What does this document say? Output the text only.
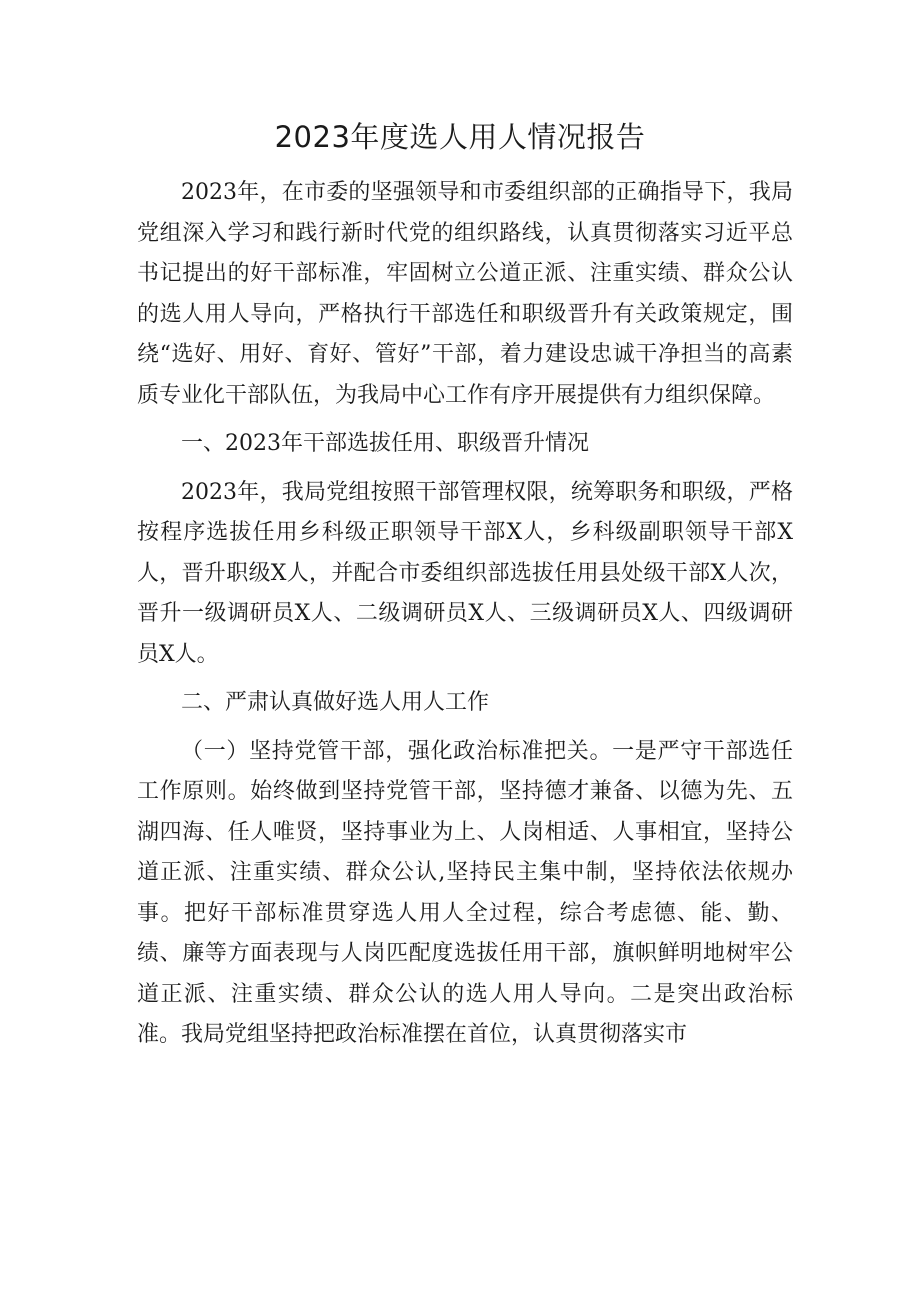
2023年度选人用人情况报告

2023年，在市委的坚强领导和市委组织部的正确指导下，我局党组深入学习和践行新时代党的组织路线，认真贯彻落实习近平总书记提出的好干部标准，牢固树立公道正派、注重实绩、群众公认的选人用人导向，严格执行干部选任和职级晋升有关政策规定，围绕“选好、用好、育好、管好”干部，着力建设忠诚干净担当的高素质专业化干部队伍，为我局中心工作有序开展提供有力组织保障。

一、2023年干部选拔任用、职级晋升情况

2023年，我局党组按照干部管理权限，统筹职务和职级，严格按程序选拔任用乡科级正职领导干部X人，乡科级副职领导干部X人，晋升职级X人，并配合市委组织部选拔任用县处级干部X人次，晋升一级调研员X人、二级调研员X人、三级调研员X人、四级调研员X人。

二、严肃认真做好选人用人工作

（一）坚持党管干部，强化政治标准把关。一是严守干部选任工作原则。始终做到坚持党管干部，坚持德才兼备、以德为先、五湖四海、任人唯贤，坚持事业为上、人岗相适、人事相宜，坚持公道正派、注重实绩、群众公认,坚持民主集中制，坚持依法依规办事。把好干部标准贯穿选人用人全过程，综合考虑德、能、勤、绩、廉等方面表现与人岗匹配度选拔任用干部，旗帜鲜明地树牢公道正派、注重实绩、群众公认的选人用人导向。二是突出政治标准。我局党组坚持把政治标准摆在首位，认真贯彻落实市
